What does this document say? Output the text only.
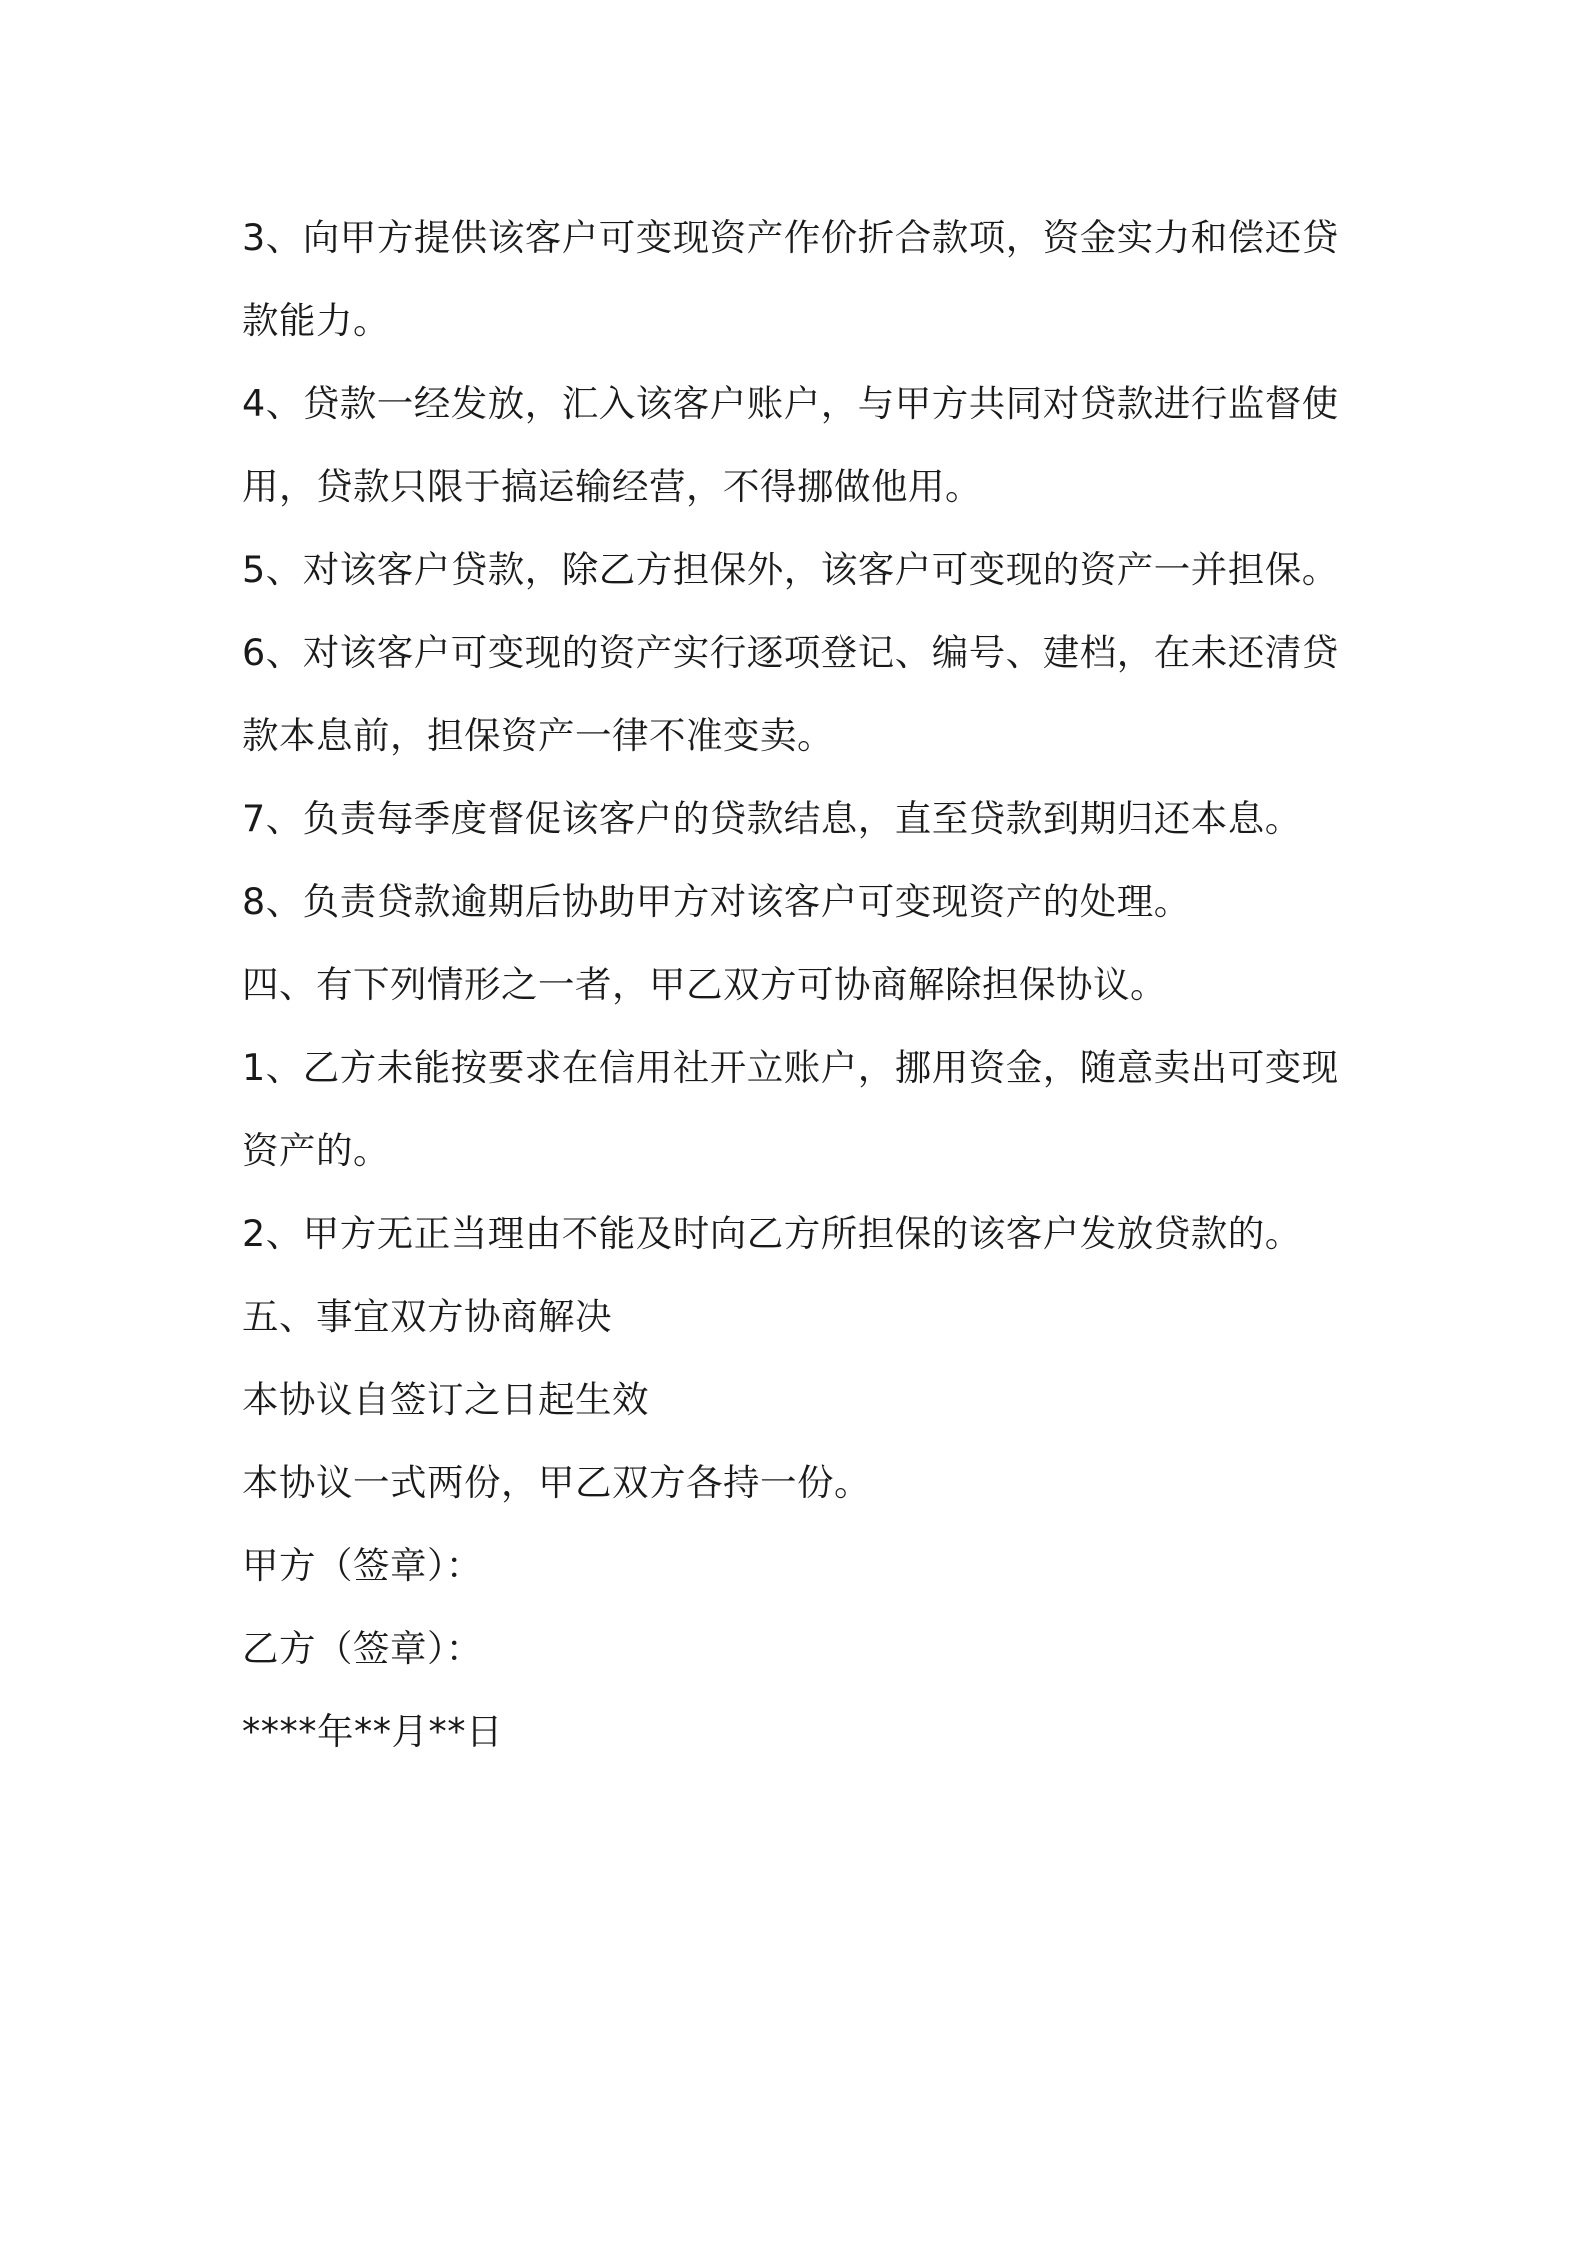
3、向甲方提供该客户可变现资产作价折合款项，资金实力和偿还贷款能力。

4、贷款一经发放，汇入该客户账户，与甲方共同对贷款进行监督使用，贷款只限于搞运输经营，不得挪做他用。

5、对该客户贷款，除乙方担保外，该客户可变现的资产一并担保。

6、对该客户可变现的资产实行逐项登记、编号、建档，在未还清贷款本息前，担保资产一律不准变卖。

7、负责每季度督促该客户的贷款结息，直至贷款到期归还本息。

8、负责贷款逾期后协助甲方对该客户可变现资产的处理。

四、有下列情形之一者，甲乙双方可协商解除担保协议。

1、乙方未能按要求在信用社开立账户，挪用资金，随意卖出可变现资产的。

2、甲方无正当理由不能及时向乙方所担保的该客户发放贷款的。

五、事宜双方协商解决

本协议自签订之日起生效

本协议一式两份，甲乙双方各持一份。

甲方（签章）：

乙方（签章）：

****年**月**日
